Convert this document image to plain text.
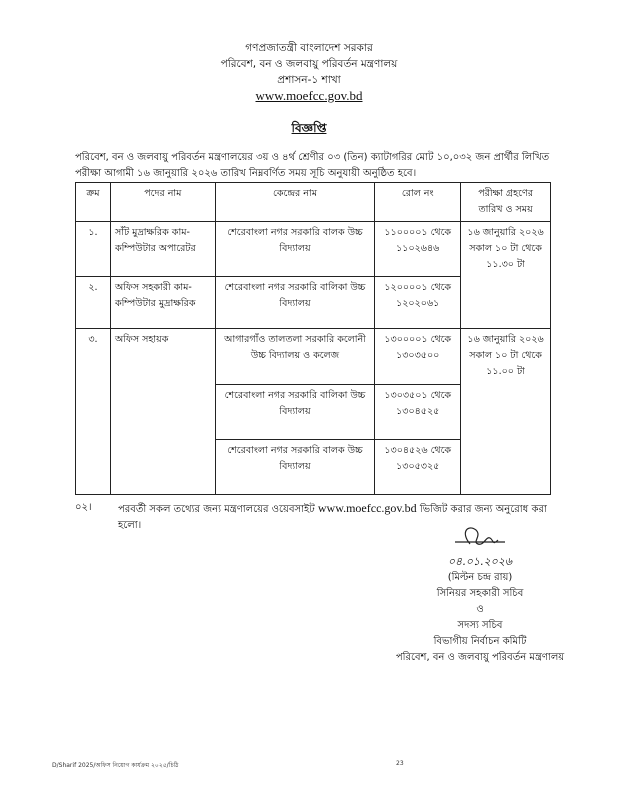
গণপ্রজাতন্ত্রী বাংলাদেশ সরকার
পরিবেশ, বন ও জলবায়ু পরিবর্তন মন্ত্রণালয়
প্রশাসন-১ শাখা
www.moefcc.gov.bd
বিজ্ঞপ্তি
পরিবেশ, বন ও জলবায়ু পরিবর্তন মন্ত্রণালয়ের ৩য় ও ৪র্থ শ্রেণীর ০৩ (তিন) ক্যাটাগরির মোট ১০,০৩২ জন প্রার্থীর লিখিত পরীক্ষা আগামী ১৬ জানুয়ারি ২০২৬ তারিখ নিম্নবর্ণিত সময় সূচি অনুযায়ী অনুষ্ঠিত হবে।
ক্রম	পদের নাম	কেন্দ্রের নাম	রোল নং	পরীক্ষা গ্রহণের তারিখ ও সময়
১.	সাঁট মুদ্রাক্ষরিক কাম-কম্পিউটার অপারেটর	শেরেবাংলা নগর সরকারি বালক উচ্চ বিদ্যালয়	১১০০০০১ থেকে ১১০২৬৪৬	১৬ জানুয়ারি ২০২৬ সকাল ১০ টা থেকে ১১.৩০ টা
২.	অফিস সহকারী কাম-কম্পিউটার মুদ্রাক্ষরিক	শেরেবাংলা নগর সরকারি বালিকা উচ্চ বিদ্যালয়	১২০০০০১ থেকে ১২০২০৬১	
৩.	অফিস সহায়ক	আগারগাঁও তালতলা সরকারি কলোনী উচ্চ বিদ্যালয় ও কলেজ	১৩০০০০১ থেকে ১৩০৩৫০০	১৬ জানুয়ারি ২০২৬ সকাল ১০ টা থেকে ১১.০০ টা
		শেরেবাংলা নগর সরকারি বালিকা উচ্চ বিদ্যালয়	১৩০৩৫০১ থেকে ১৩০৪৫২৫	
		শেরেবাংলা নগর সরকারি বালক উচ্চ বিদ্যালয়	১৩০৪৫২৬ থেকে ১৩০৫৩২৫	
০২।	পরবর্তী সকল তথ্যের জন্য মন্ত্রণালয়ের ওয়েবসাইট www.moefcc.gov.bd ভিজিট করার জন্য অনুরোধ করা হলো।
০৪.০১.২০২৬
(মিল্টন চন্দ্র রায়)
সিনিয়র সহকারী সচিব
ও
সদস্য সচিব
বিভাগীয় নির্বাচন কমিটি
পরিবেশ, বন ও জলবায়ু পরিবর্তন মন্ত্রণালয়
D/Sharif 2025/অফিস নিয়োগ কার্যক্রম ২০২৫/চিঠি	23
